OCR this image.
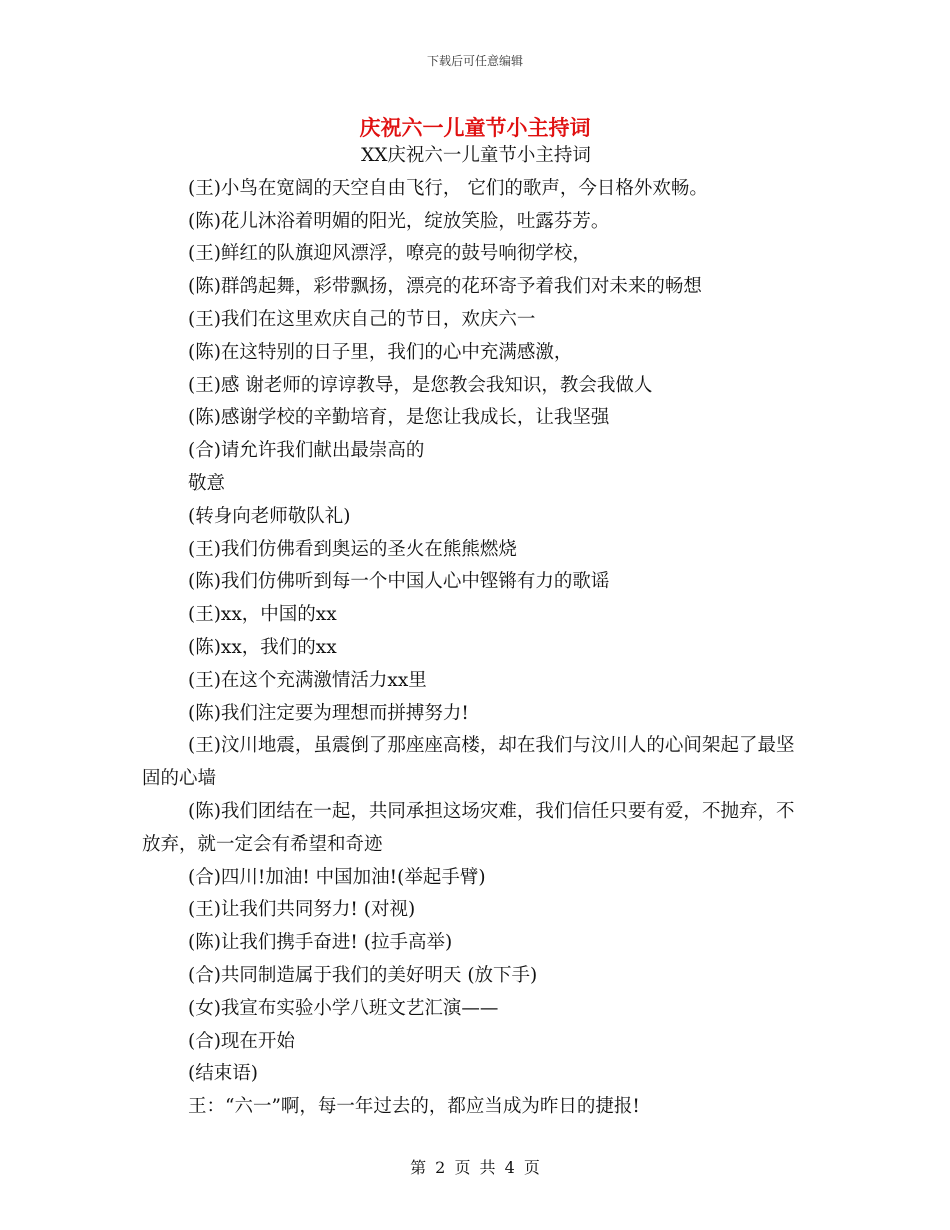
下载后可任意编辑
庆祝六一儿童节小主持词

XX庆祝六一儿童节小主持词

(王)小鸟在宽阔的天空自由飞行， 它们的歌声，今日格外欢畅。

(陈)花儿沐浴着明媚的阳光，绽放笑脸，吐露芬芳。

(王)鲜红的队旗迎风漂浮，嘹亮的鼓号响彻学校，

(陈)群鸽起舞，彩带飘扬，漂亮的花环寄予着我们对未来的畅想

(王)我们在这里欢庆自己的节日，欢庆六一

(陈)在这特别的日子里，我们的心中充满感激，

(王)感 谢老师的谆谆教导，是您教会我知识，教会我做人

(陈)感谢学校的辛勤培育，是您让我成长，让我坚强

(合)请允许我们献出最崇高的

敬意

(转身向老师敬队礼)

(王)我们仿佛看到奥运的圣火在熊熊燃烧

(陈)我们仿佛听到每一个中国人心中铿锵有力的歌谣

(王)xx，中国的xx

(陈)xx，我们的xx

(王)在这个充满激情活力xx里

(陈)我们注定要为理想而拼搏努力!

(王)汶川地震，虽震倒了那座座高楼，却在我们与汶川人的心间架起了最坚固的心墙

(陈)我们团结在一起，共同承担这场灾难，我们信任只要有爱，不抛弃，不放弃，就一定会有希望和奇迹

(合)四川!加油! 中国加油!(举起手臂)

(王)让我们共同努力! (对视)

(陈)让我们携手奋进! (拉手高举)

(合)共同制造属于我们的美好明天 (放下手)

(女)我宣布实验小学八班文艺汇演——

(合)现在开始

(结束语)

王：“六一”啊，每一年过去的，都应当成为昨日的捷报!

第 2 页 共 4 页
